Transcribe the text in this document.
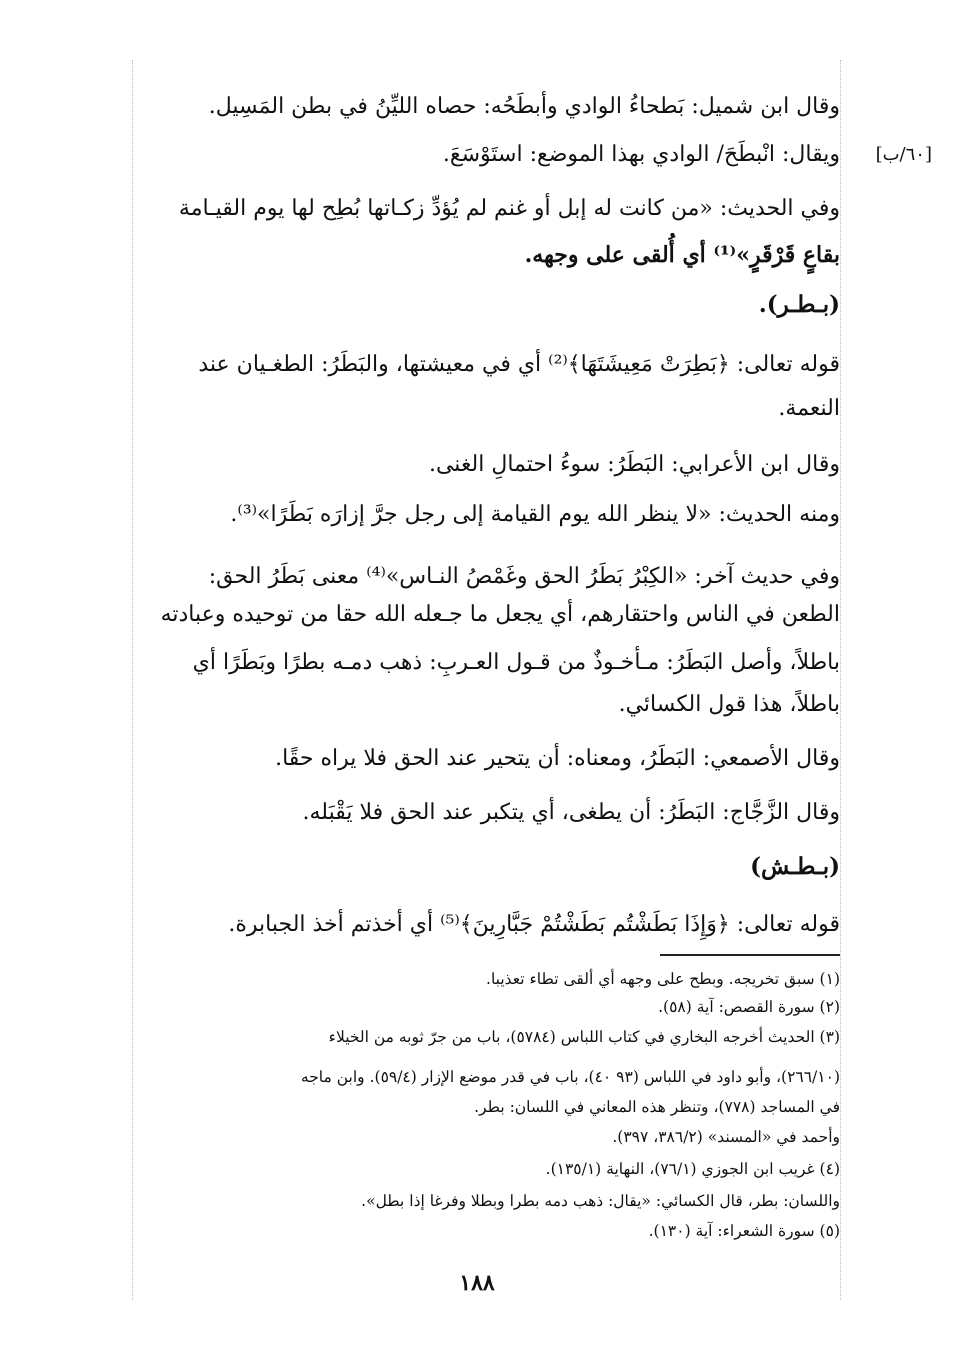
[٦٠/ب]
وقال ابن شميل: بَطحاءُ الوادي وأبطَحُه: حصاه الليِّنُ في بطن المَسِيل.
ويقال: انْبطَحَ/ الوادي بهذا الموضع: استَوْسَعَ.
وفي الحديث: «من كانت له إبل أو غنم لم يُؤدِّ زكـاتها بُطِح لها يوم القيـامة
بقاعٍ قَرْقَرٍ»⁽¹⁾ أي أُلقى على وجهه.
(بـطـر).
قوله تعالى: ﴿بَطِرَتْ مَعِيشَتَهَا﴾⁽²⁾ أي في معيشتها، والبَطَرُ: الطغـيان عند
النعمة.
وقال ابن الأعرابي: البَطَرُ: سوءُ احتمالِ الغنى.
ومنه الحديث: «لا ينظر الله يوم القيامة إلى رجل جرَّ إزارَه بَطَرًا»⁽³⁾.
وفي حديث آخر: «الكِبْرُ بَطَرُ الحق وغَمْصُ النـاس»⁽⁴⁾ معنى بَطَرُ الحق:
الطعن في الناس واحتقارهم، أي يجعل ما جـعله الله حقا من توحيده وعبادته
باطلاً، وأصل البَطَرُ: مـأخـوذٌ من قـول العـربِ: ذهب دمـه بطرًا وبَطَرًا أي
باطلاً، هذا قول الكسائي.
وقال الأصمعي: البَطَرُ، ومعناه: أن يتحير عند الحق فلا يراه حقًا.
وقال الزَّجَّاج: البَطَرُ: أن يطغى، أي يتكبر عند الحق فلا يَقْبَله.
(بـطـش)
قوله تعالى: ﴿وَإِذَا بَطَشْتُم بَطَشْتُمْ جَبَّارِينَ﴾⁽⁵⁾ أي أخذتم أخذ الجبابرة.
(١) سبق تخريجه. وبطح على وجهه أي ألقى تطاء تعذيبا.
(٢) سورة القصص: آية (٥٨).
(٣) الحديث أخرجه البخاري في كتاب اللباس (٥٧٨٤)، باب من جرّ ثوبه من الخيلاء
(٢٦٦/١٠)، وأبو داود في اللباس (٩٣ ٤٠)، باب في قدر موضع الإزار (٥٩/٤). وابن ماجه
في المساجد (٧٧٨)، وتنظر هذه المعاني في اللسان: بطر.
وأحمد في «المسند» (٣٨٦/٢، ٣٩٧).
(٤) غريب ابن الجوزي (٧٦/١)، النهاية (١٣٥/١).
واللسان: بطر، قال الكسائي: «يقال: ذهب دمه بطرا وبطلا وفرغا إذا بطل».
(٥) سورة الشعراء: آية (١٣٠).
١٨٨
